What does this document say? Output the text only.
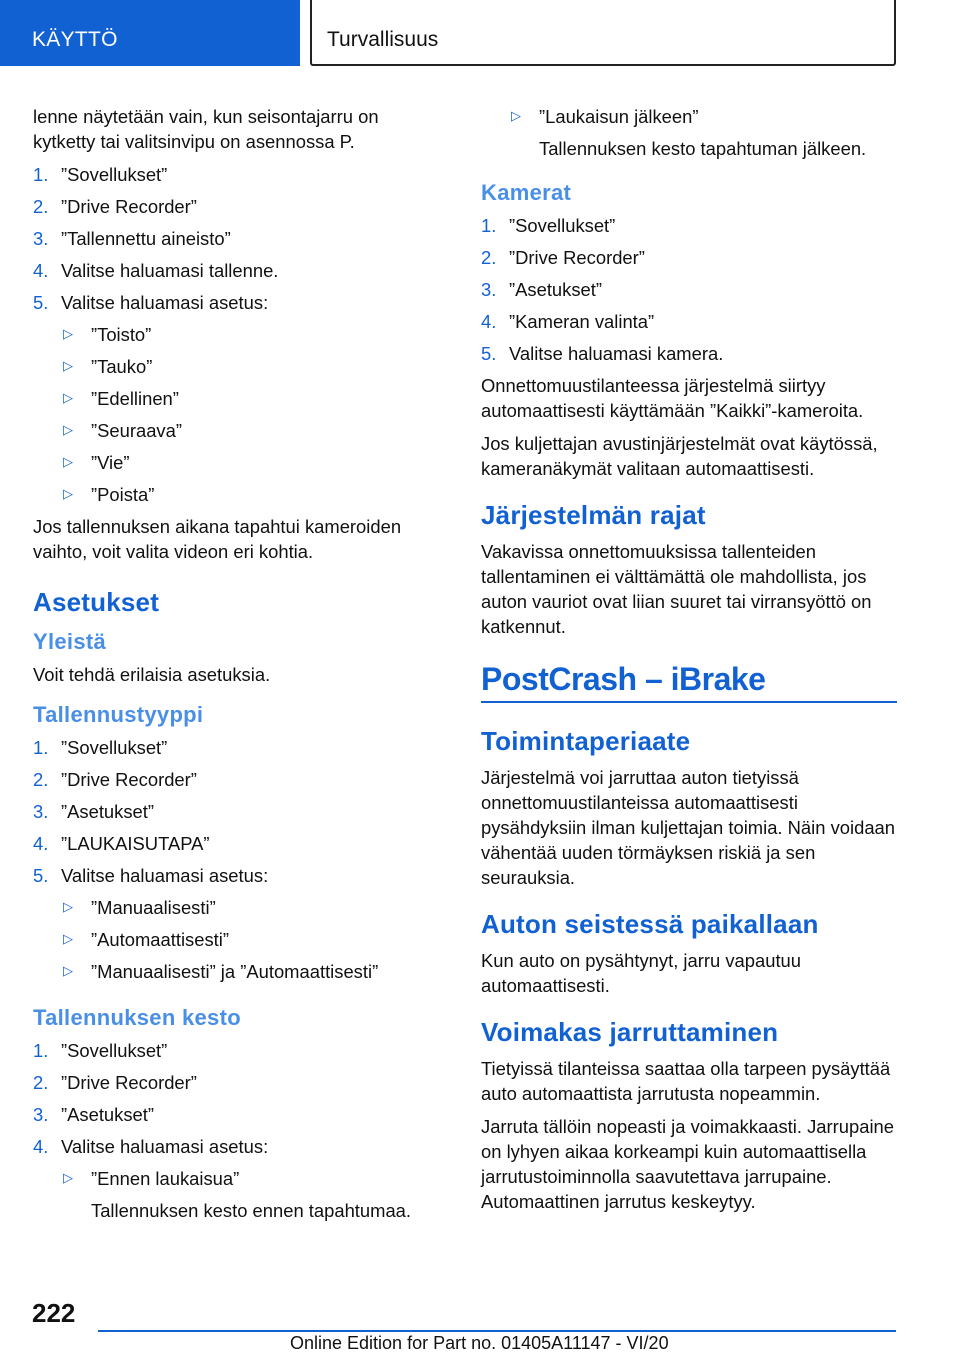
KÄYTTÖ	Turvallisuus

lenne näytetään vain, kun seisontajarru on kytketty tai valitsinvipu on asennossa P.

1. ”Sovellukset”
2. ”Drive Recorder”
3. ”Tallennettu aineisto”
4. Valitse haluamasi tallenne.
5. Valitse haluamasi asetus:
▷ ”Toisto”
▷ ”Tauko”
▷ ”Edellinen”
▷ ”Seuraava”
▷ ”Vie”
▷ ”Poista”

Jos tallennuksen aikana tapahtui kameroiden vaihto, voit valita videon eri kohtia.

Asetukset
Yleistä

Voit tehdä erilaisia asetuksia.

Tallennustyyppi
1. ”Sovellukset”
2. ”Drive Recorder”
3. ”Asetukset”
4. ”LAUKAISUTAPA”
5. Valitse haluamasi asetus:
▷ ”Manuaalisesti”
▷ ”Automaattisesti”
▷ ”Manuaalisesti” ja ”Automaattisesti”
Tallennuksen kesto
1. ”Sovellukset”
2. ”Drive Recorder”
3. ”Asetukset”
4. Valitse haluamasi asetus:
▷ ”Ennen laukaisua”
Tallennuksen kesto ennen tapahtumaa.
▷ ”Laukaisun jälkeen”
Tallennuksen kesto tapahtuman jälkeen.
Kamerat
1. ”Sovellukset”
2. ”Drive Recorder”
3. ”Asetukset”
4. ”Kameran valinta”
5. Valitse haluamasi kamera.

Onnettomuustilanteessa järjestelmä siirtyy automaattisesti käyttämään ”Kaikki”-kameroita.

Jos kuljettajan avustinjärjestelmät ovat käytössä, kameranäkymät valitaan automaattisesti.

Järjestelmän rajat

Vakavissa onnettomuuksissa tallenteiden tallentaminen ei välttämättä ole mahdollista, jos auton vauriot ovat liian suuret tai virransyöttö on katkennut.

PostCrash – iBrake
Toimintaperiaate

Järjestelmä voi jarruttaa auton tietyissä onnettomuustilanteissa automaattisesti pysähdyksiin ilman kuljettajan toimia. Näin voidaan vähentää uuden törmäyksen riskiä ja sen seurauksia.

Auton seistessä paikallaan

Kun auto on pysähtynyt, jarru vapautuu automaattisesti.

Voimakas jarruttaminen

Tietyissä tilanteissa saattaa olla tarpeen pysäyttää auto automaattista jarrutusta nopeammin.

Jarruta tällöin nopeasti ja voimakkaasti. Jarrupaine on lyhyen aikaa korkeampi kuin automaattisella jarrutustoiminnolla saavutettava jarrupaine. Automaattinen jarrutus keskeytyy.

222
Online Edition for Part no. 01405A11147 - VI/20
